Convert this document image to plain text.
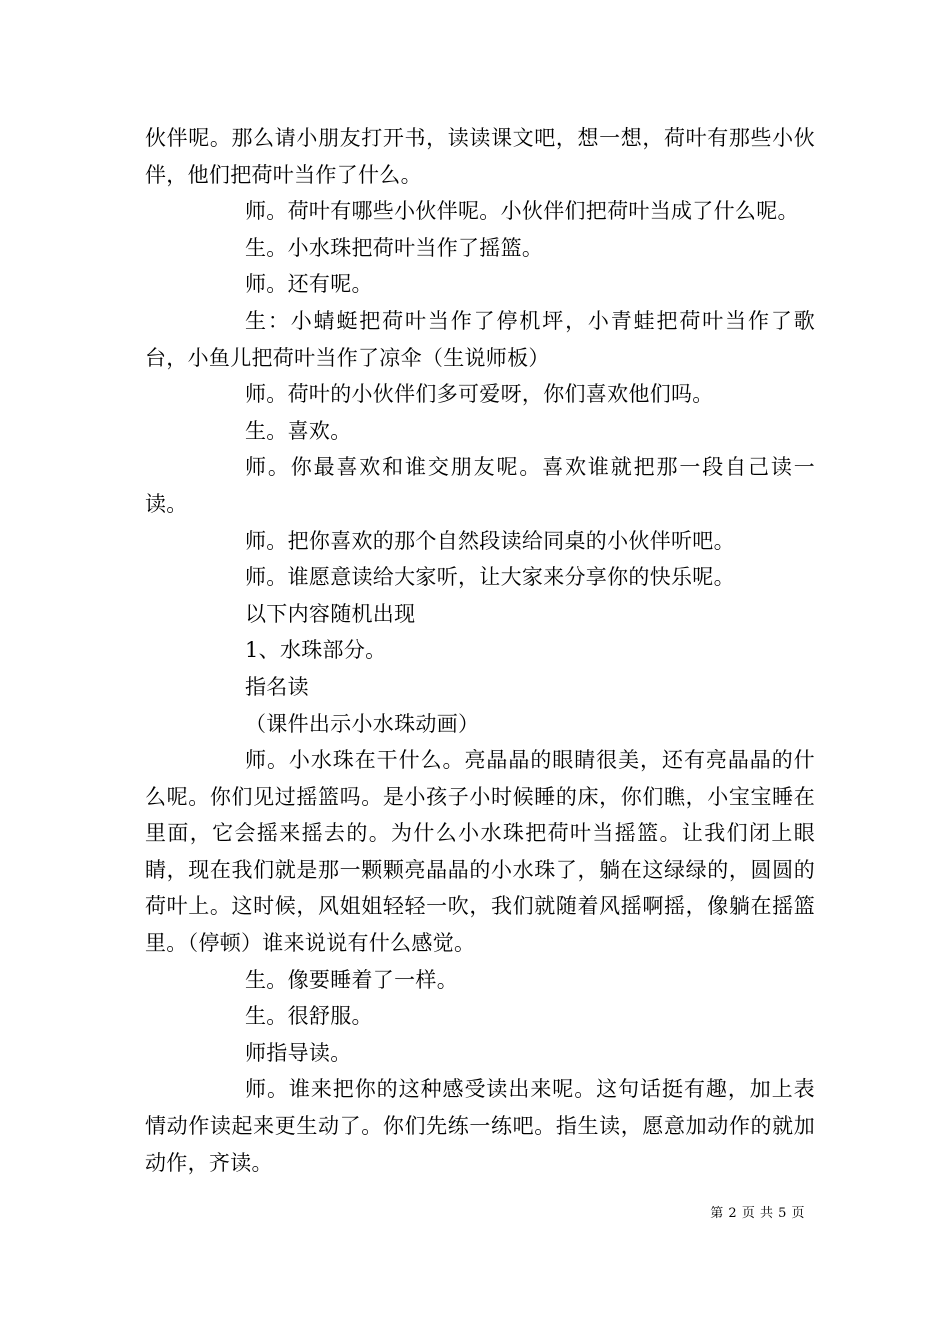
伙伴呢。那么请小朋友打开书，读读课文吧，想一想，荷叶有那些小伙伴，他们把荷叶当作了什么。

师。荷叶有哪些小伙伴呢。小伙伴们把荷叶当成了什么呢。

生。小水珠把荷叶当作了摇篮。

师。还有呢。

生：小蜻蜓把荷叶当作了停机坪，小青蛙把荷叶当作了歌台，小鱼儿把荷叶当作了凉伞（生说师板）

师。荷叶的小伙伴们多可爱呀，你们喜欢他们吗。

生。喜欢。

师。你最喜欢和谁交朋友呢。喜欢谁就把那一段自己读一读。

师。把你喜欢的那个自然段读给同桌的小伙伴听吧。

师。谁愿意读给大家听，让大家来分享你的快乐呢。

以下内容随机出现

1、水珠部分。

指名读

（课件出示小水珠动画）

师。小水珠在干什么。亮晶晶的眼睛很美，还有亮晶晶的什么呢。你们见过摇篮吗。是小孩子小时候睡的床，你们瞧，小宝宝睡在里面，它会摇来摇去的。为什么小水珠把荷叶当摇篮。让我们闭上眼睛，现在我们就是那一颗颗亮晶晶的小水珠了，躺在这绿绿的，圆圆的荷叶上。这时候，风姐姐轻轻一吹，我们就随着风摇啊摇，像躺在摇篮里。（停顿）谁来说说有什么感觉。

生。像要睡着了一样。

生。很舒服。

师指导读。

师。谁来把你的这种感受读出来呢。这句话挺有趣，加上表情动作读起来更生动了。你们先练一练吧。指生读，愿意加动作的就加动作，齐读。

第 2 页 共 5 页
